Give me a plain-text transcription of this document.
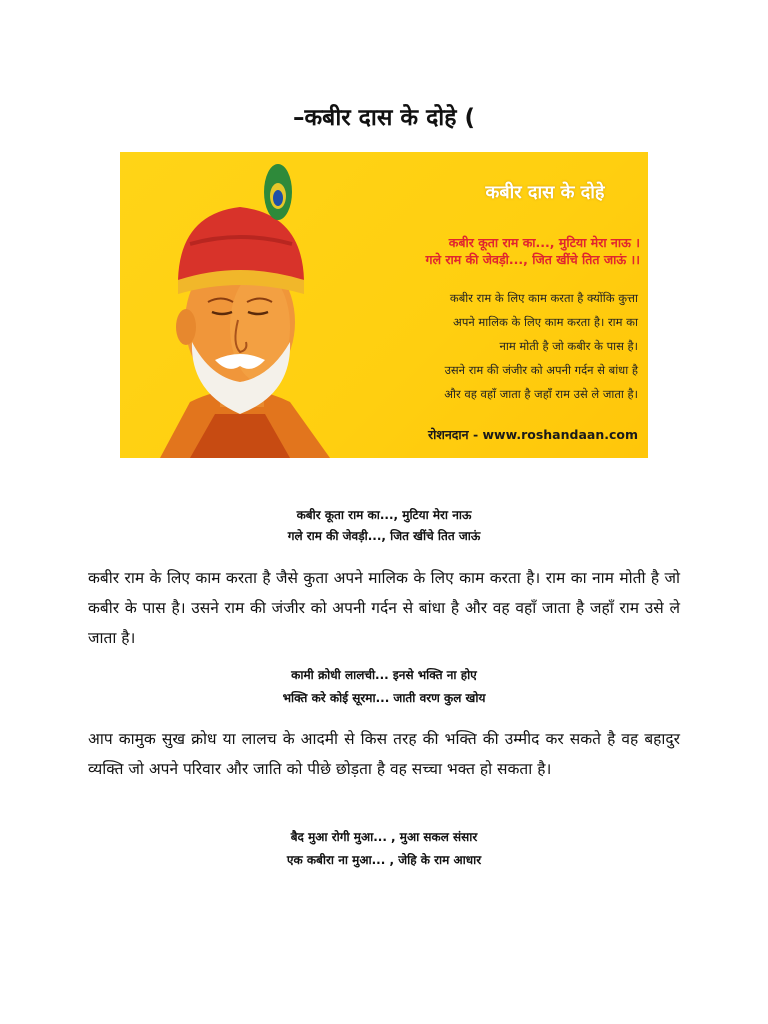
–कबीर दास के दोहे (
कबीर दास के दोहे
कबीर कूता राम का..., मुटिया मेरा नाऊ ।
गले राम की जेवड़ी..., जित खींचे तित जाऊं ।।
कबीर राम के लिए काम करता है क्योंकि कुत्ता
अपने मालिक के लिए काम करता है। राम का
नाम मोती है जो कबीर के पास है।
उसने राम की जंजीर को अपनी गर्दन से बांधा है
और वह वहाँ जाता है जहाँ राम उसे ले जाता है।
रोशनदान - www.roshandaan.com
कबीर कूता राम का..., मुटिया मेरा नाऊ
गले राम की जेवड़ी..., जित खींचे तित जाऊं
कबीर राम के लिए काम करता है जैसे कुता अपने मालिक के लिए काम करता है। राम का नाम मोती है जो कबीर के पास है। उसने राम की जंजीर को अपनी गर्दन से बांधा है और वह वहाँ जाता है जहाँ राम उसे ले जाता है।
कामी क्रोधी लालची... इनसे भक्ति ना होए
भक्ति करे कोई सूरमा... जाती वरण कुल खोय
आप कामुक सुख क्रोध या लालच के आदमी से किस तरह की भक्ति की उम्मीद कर सकते है वह बहादुर व्यक्ति जो अपने परिवार और जाति को पीछे छोड़ता है वह सच्चा भक्त हो सकता है।
बैद मुआ रोगी मुआ... , मुआ सकल संसार
एक कबीरा ना मुआ... , जेहि के राम आधार
